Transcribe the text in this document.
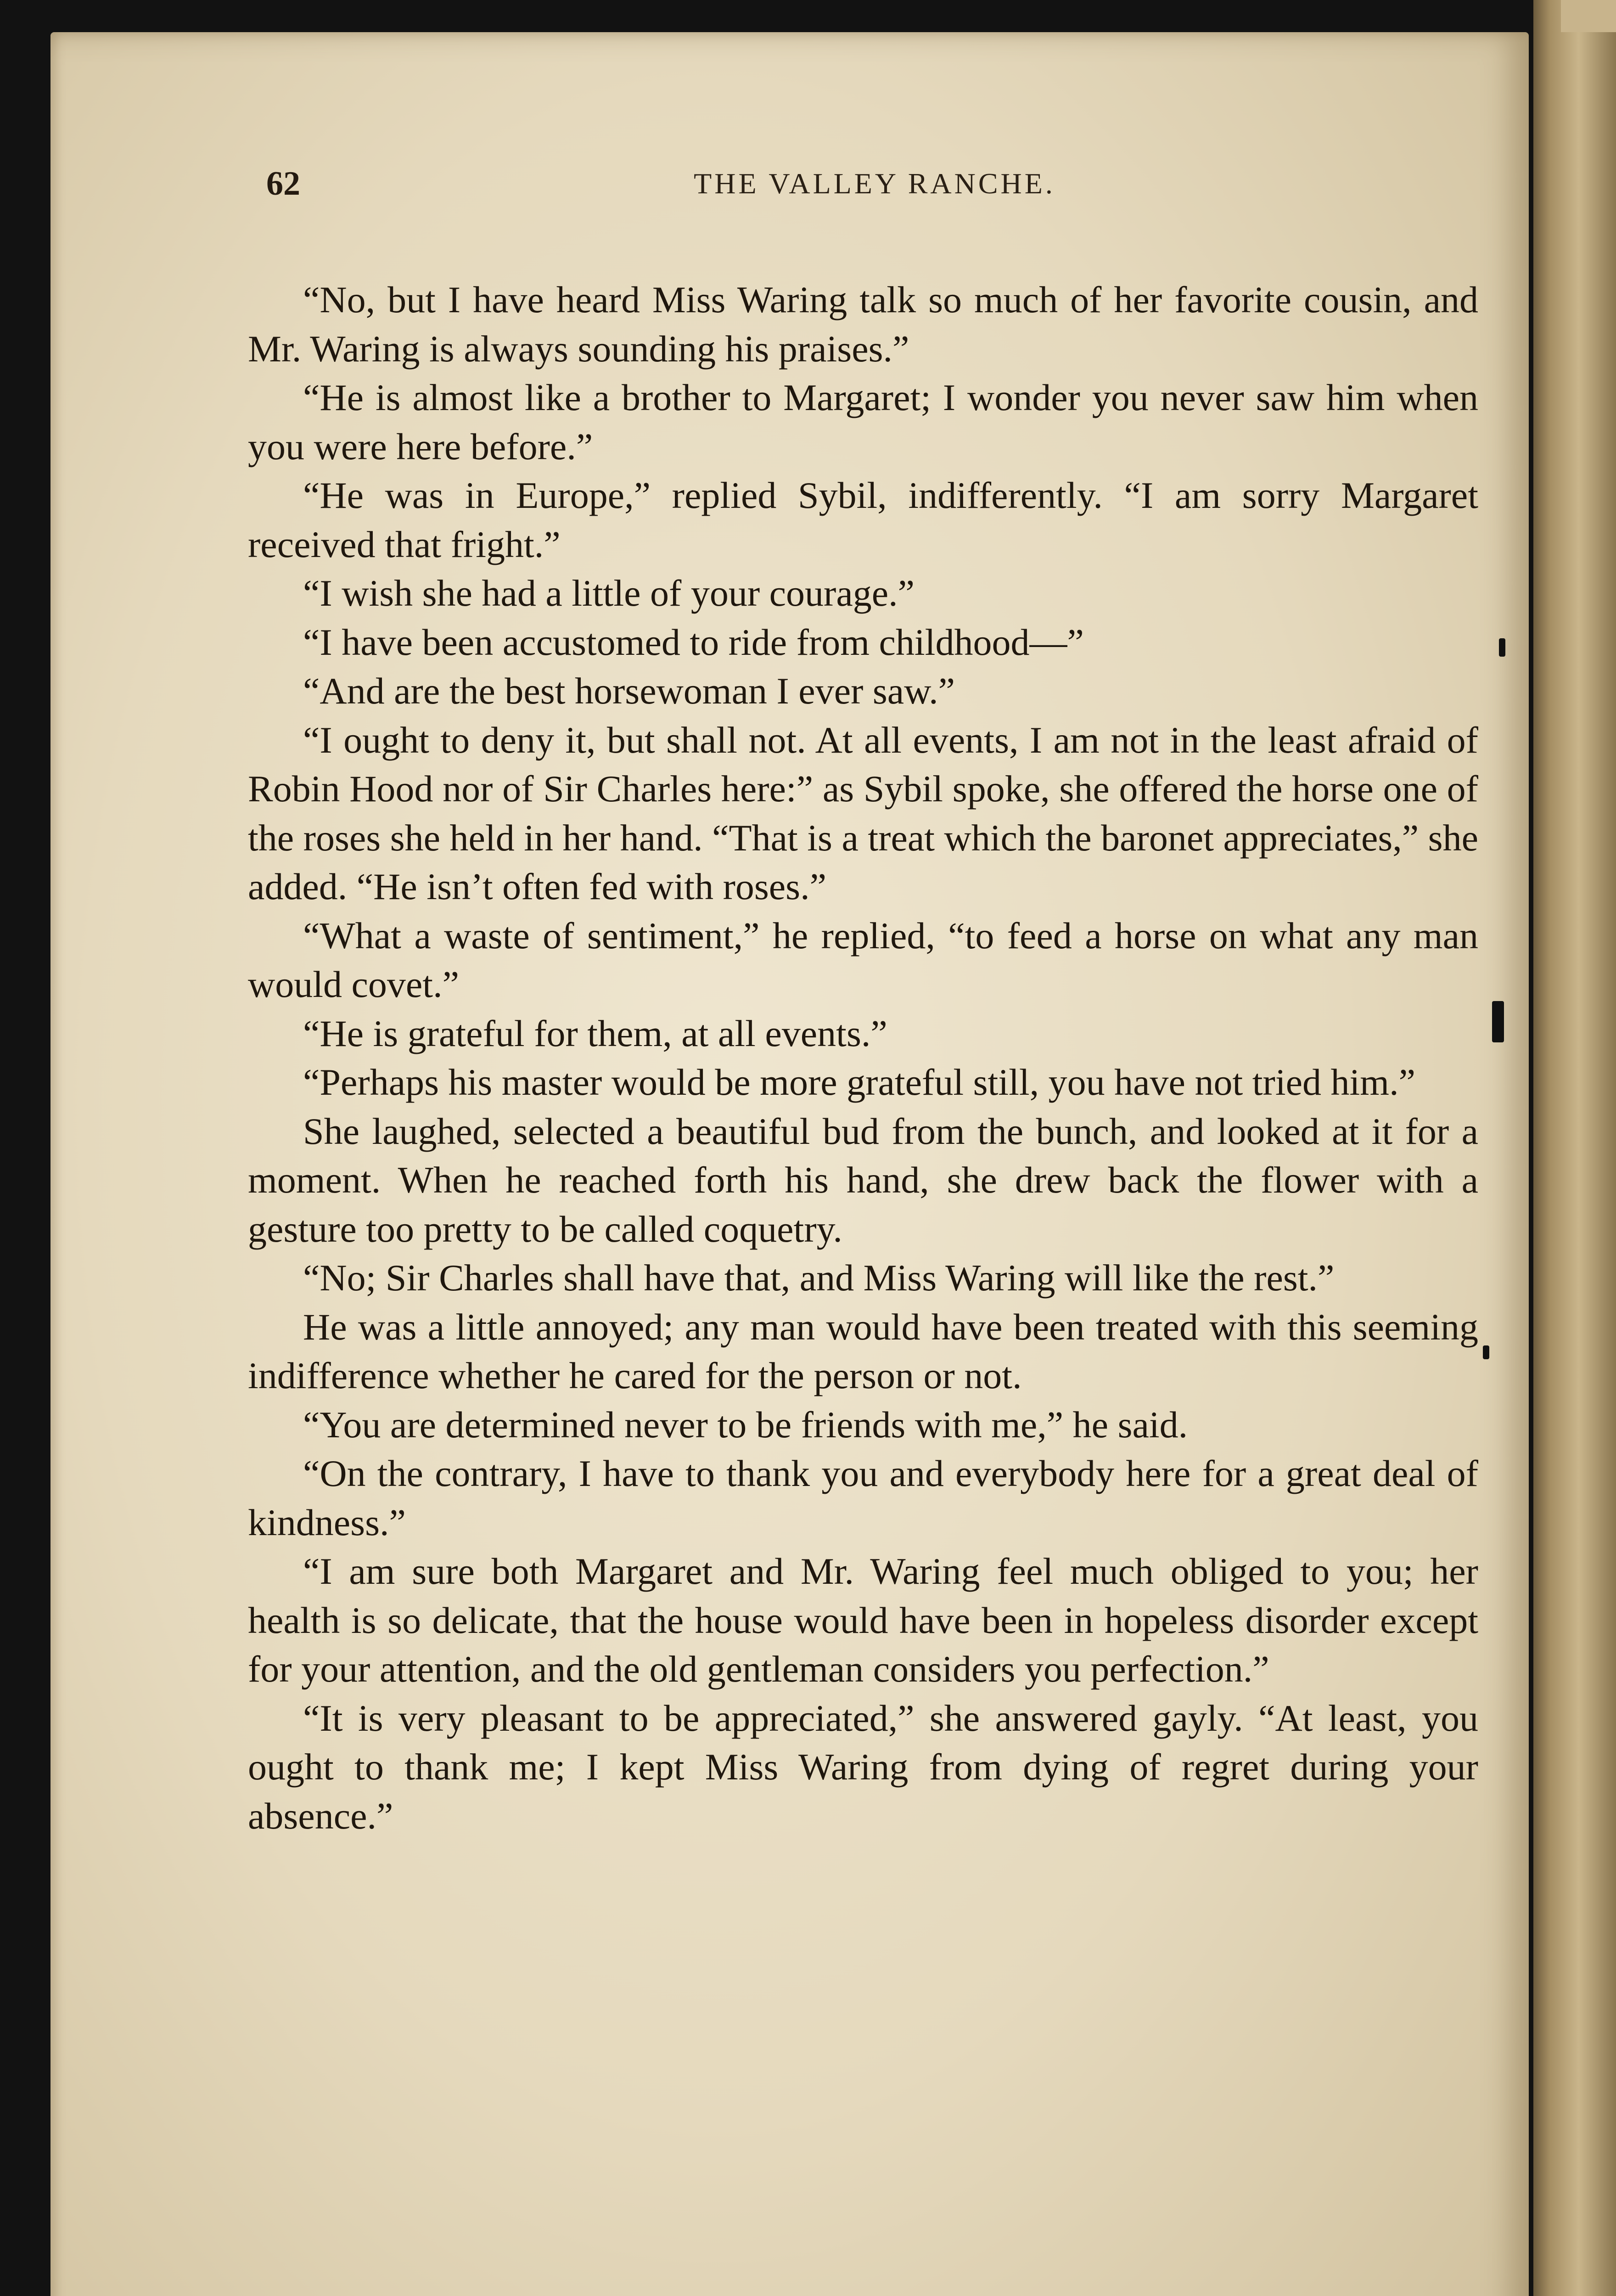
62	THE VALLEY RANCHE.

“No, but I have heard Miss Waring talk so much of her favorite cousin, and Mr. Waring is always sounding his praises.”

“He is almost like a brother to Margaret; I wonder you never saw him when you were here before.”

“He was in Europe,” replied Sybil, indifferently. “I am sorry Margaret received that fright.”

“I wish she had a little of your courage.”

“I have been accustomed to ride from childhood—”

“And are the best horsewoman I ever saw.”

“I ought to deny it, but shall not. At all events, I am not in the least afraid of Robin Hood nor of Sir Charles here:” as Sybil spoke, she offered the horse one of the roses she held in her hand. “That is a treat which the baronet appreciates,” she added. “He isn’t often fed with roses.”

“What a waste of sentiment,” he replied, “to feed a horse on what any man would covet.”

“He is grateful for them, at all events.”

“Perhaps his master would be more grateful still, you have not tried him.”

She laughed, selected a beautiful bud from the bunch, and looked at it for a moment. When he reached forth his hand, she drew back the flower with a gesture too pretty to be called coquetry.

“No; Sir Charles shall have that, and Miss Waring will like the rest.”

He was a little annoyed; any man would have been treated with this seeming indifference whether he cared for the person or not.

“You are determined never to be friends with me,” he said.

“On the contrary, I have to thank you and everybody here for a great deal of kindness.”

“I am sure both Margaret and Mr. Waring feel much obliged to you; her health is so delicate, that the house would have been in hopeless disorder except for your attention, and the old gentleman considers you perfection.”

“It is very pleasant to be appreciated,” she answered gayly. “At least, you ought to thank me; I kept Miss Waring from dying of regret during your absence.”
